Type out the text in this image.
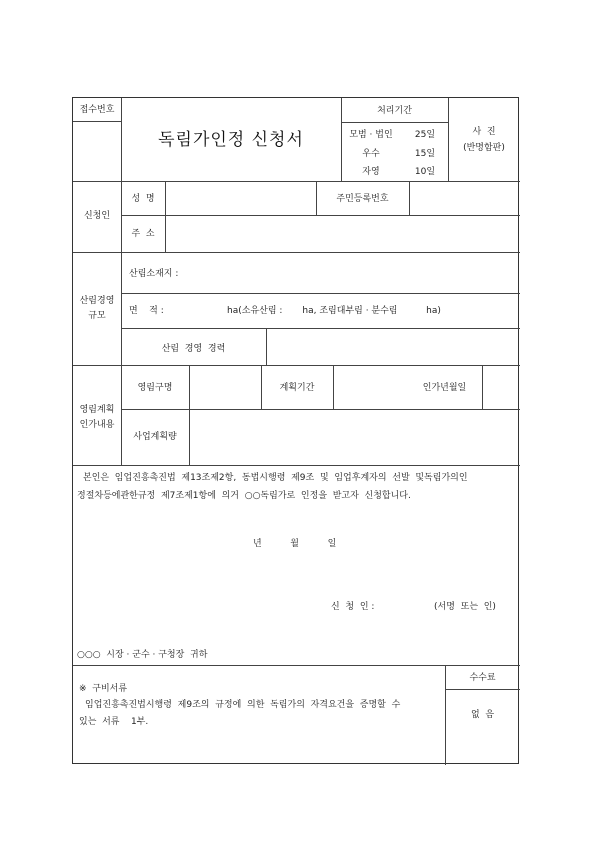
접수번호
독림가인정 신청서
처리기간
모범 · 법인	25일
우수	15일
자영	10일
사  진
(반명함판)
신청인
성  명	주민등록번호
주  소
산림경영
규모
산림소재지 :
면    적 :	ha(소유산림 :       ha, 조림대부림 · 분수림          ha)
산림  경영  경력
영림계획
인가내용
영림구명	계획기간	인가년월일
사업계획량
본인은  임업진흥촉진법  제13조제2항,  동법시행령  제9조  및  임업후계자의  선발  및독림가의인
정절차등에관한규정  제7조제1항에  의거  ○○독림가로  인정을  받고자  신청합니다.
년          월          일
신  청  인 :	(서명  또는  인)
○○○  시장 · 군수 · 구청장  귀하
※  구비서류
임업진흥촉진법시행령  제9조의  규정에  의한  독림가의  자격요건을  증명할  수
있는  서류    1부.
수수료
없  음
